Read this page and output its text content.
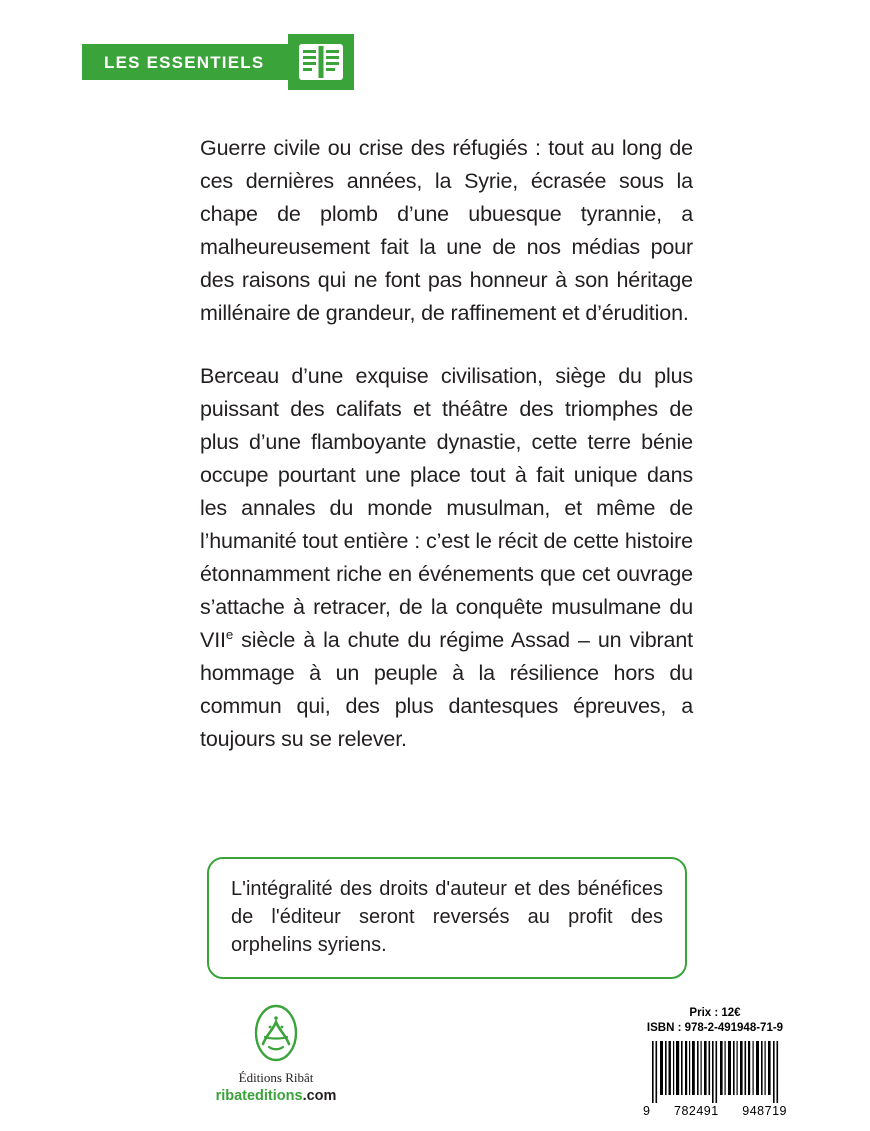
LES ESSENTIELS

Guerre civile ou crise des réfugiés : tout au long de ces dernières années, la Syrie, écrasée sous la chape de plomb d’une ubuesque tyrannie, a malheureusement fait la une de nos médias pour des raisons qui ne font pas honneur à son héritage millénaire de grandeur, de raffinement et d’érudition.

Berceau d’une exquise civilisation, siège du plus puissant des califats et théâtre des triomphes de plus d’une flamboyante dynastie, cette terre bénie occupe pourtant une place tout à fait unique dans les annales du monde musulman, et même de l’humanité tout entière : c’est le récit de cette histoire étonnamment riche en événements que cet ouvrage s’attache à retracer, de la conquête musulmane du VIIe siècle à la chute du régime Assad – un vibrant hommage à un peuple à la résilience hors du commun qui, des plus dantesques épreuves, a toujours su se relever.

L'intégralité des droits d'auteur et des bénéfices de l'éditeur seront reversés au profit des orphelins syriens.

Éditions Ribât
ribateditions.com
Prix : 12€
ISBN : 978-2-491948-71-9
9 782491 948719
